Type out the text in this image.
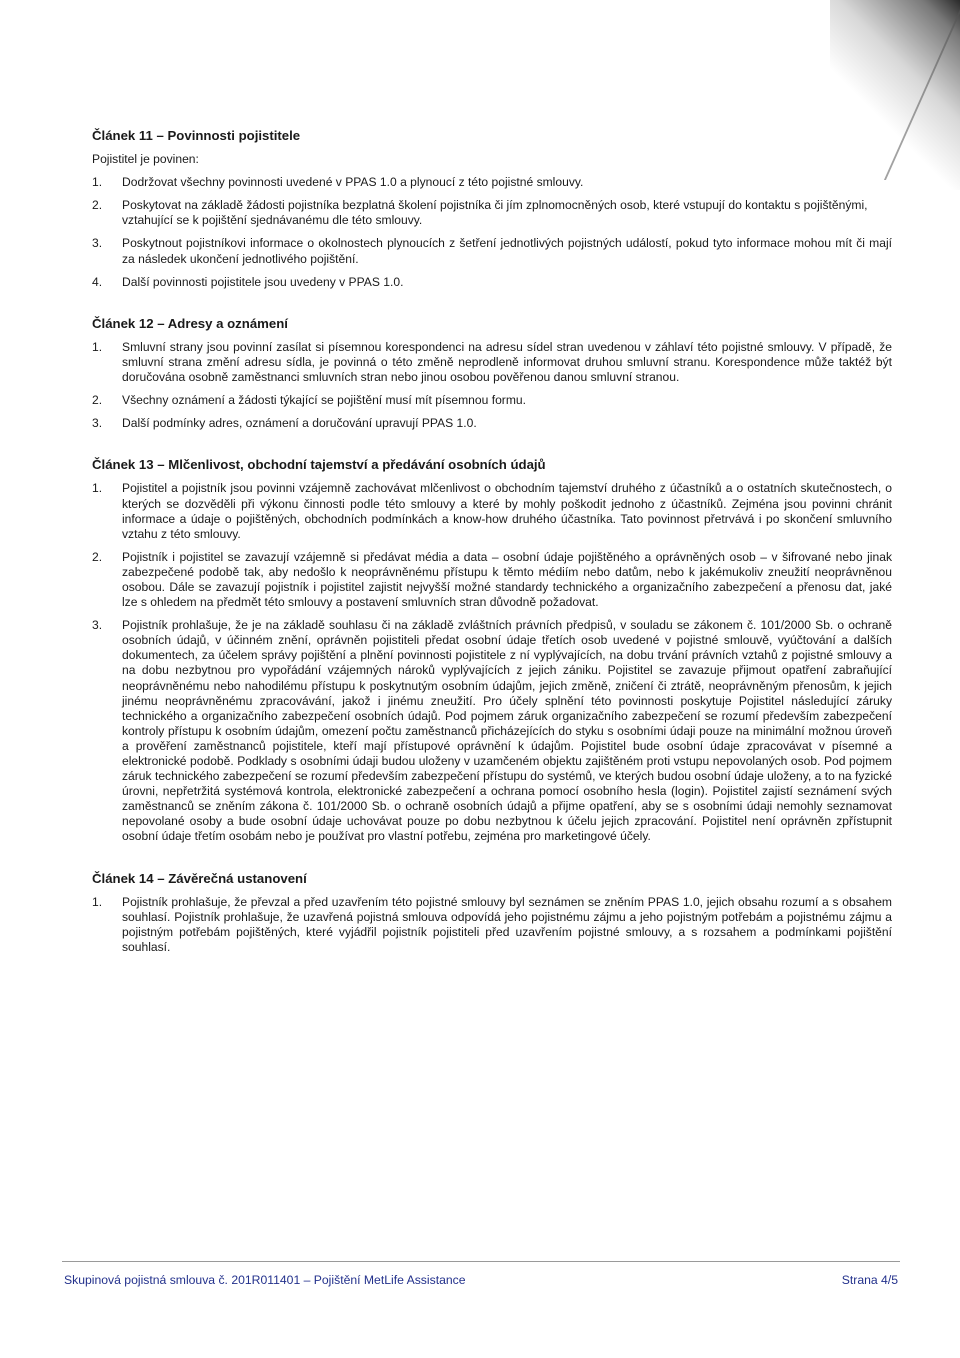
Článek 11 – Povinnosti pojistitele
Pojistitel je povinen:
1.	Dodržovat všechny povinnosti uvedené v PPAS 1.0 a plynoucí z této pojistné smlouvy.
2.	Poskytovat na základě žádosti pojistníka bezplatná školení pojistníka či jím zplnomocněných osob, které vstupují do kontaktu s pojištěnými, vztahující se k pojištění sjednávanému dle této smlouvy.
3.	Poskytnout pojistníkovi informace o okolnostech plynoucích z šetření jednotlivých pojistných událostí, pokud tyto informace mohou mít či mají za následek ukončení jednotlivého pojištění.
4.	Další povinnosti pojistitele jsou uvedeny v PPAS 1.0.
Článek 12 – Adresy a oznámení
1.	Smluvní strany jsou povinní zasílat si písemnou korespondenci na adresu sídel stran uvedenou v záhlaví této pojistné smlouvy. V případě, že smluvní strana změní adresu sídla, je povinná o této změně neprodleně informovat druhou smluvní stranu. Korespondence může taktéž být doručována osobně zaměstnanci smluvních stran nebo jinou osobou pověřenou danou smluvní stranou.
2.	Všechny oznámení a žádosti týkající se pojištění musí mít písemnou formu.
3.	Další podmínky adres, oznámení a doručování upravují PPAS 1.0.
Článek 13 – Mlčenlivost, obchodní tajemství a předávání osobních údajů
1.	Pojistitel a pojistník jsou povinni vzájemně zachovávat mlčenlivost o obchodním tajemství druhého z účastníků a o ostatních skutečnostech, o kterých se dozvěděli při výkonu činnosti podle této smlouvy a které by mohly poškodit jednoho z účastníků. Zejména jsou povinni chránit informace a údaje o pojištěných, obchodních podmínkách a know-how druhého účastníka. Tato povinnost přetrvává i po skončení smluvního vztahu z této smlouvy.
2.	Pojistník i pojistitel se zavazují vzájemně si předávat média a data – osobní údaje pojištěného a oprávněných osob – v šifrované nebo jinak zabezpečené podobě tak, aby nedošlo k neoprávněnému přístupu k těmto médiím nebo datům, nebo k jakémukoliv zneužití neoprávněnou osobou. Dále se zavazují pojistník i pojistitel zajistit nejvyšší možné standardy technického a organizačního zabezpečení a přenosu dat, jaké lze s ohledem na předmět této smlouvy a postavení smluvních stran důvodně požadovat.
3.	Pojistník prohlašuje, že je na základě souhlasu či na základě zvláštních právních předpisů, v souladu se zákonem č. 101/2000 Sb. o ochraně osobních údajů, v účinném znění, oprávněn pojistiteli předat osobní údaje třetích osob uvedené v pojistné smlouvě, vyúčtování a dalších dokumentech, za účelem správy pojištění a plnění povinnosti pojistitele z ní vyplývajících, na dobu trvání právních vztahů z pojistné smlouvy a na dobu nezbytnou pro vypořádání vzájemných nároků vyplývajících z jejich zániku. Pojistitel se zavazuje přijmout opatření zabraňující neoprávněnému nebo nahodilému přístupu k poskytnutým osobním údajům, jejich změně, zničení či ztrátě, neoprávněným přenosům, k jejich jinému neoprávněnému zpracovávání, jakož i jinému zneužití. Pro účely splnění této povinnosti poskytuje Pojistitel následující záruky technického a organizačního zabezpečení osobních údajů. Pod pojmem záruk organizačního zabezpečení se rozumí především zabezpečení kontroly přístupu k osobním údajům, omezení počtu zaměstnanců přicházejících do styku s osobními údaji pouze na minimální možnou úroveň a prověření zaměstnanců pojistitele, kteří mají přístupové oprávnění k údajům. Pojistitel bude osobní údaje zpracovávat v písemné a elektronické podobě. Podklady s osobními údaji budou uloženy v uzamčeném objektu zajištěném proti vstupu nepovolaných osob. Pod pojmem záruk technického zabezpečení se rozumí především zabezpečení přístupu do systémů, ve kterých budou osobní údaje uloženy, a to na fyzické úrovni, nepřetržitá systémová kontrola, elektronické zabezpečení a ochrana pomocí osobního hesla (login). Pojistitel zajistí seznámení svých zaměstnanců se zněním zákona č. 101/2000 Sb. o ochraně osobních údajů a přijme opatření, aby se s osobními údaji nemohly seznamovat nepovolané osoby a bude osobní údaje uchovávat pouze po dobu nezbytnou k účelu jejich zpracování. Pojistitel není oprávněn zpřístupnit osobní údaje třetím osobám nebo je používat pro vlastní potřebu, zejména pro marketingové účely.
Článek 14 – Závěrečná ustanovení
1.	Pojistník prohlašuje, že převzal a před uzavřením této pojistné smlouvy byl seznámen se zněním PPAS 1.0, jejich obsahu rozumí a s obsahem souhlasí. Pojistník prohlašuje, že uzavřená pojistná smlouva odpovídá jeho pojistnému zájmu a jeho pojistným potřebám a pojistnému zájmu a pojistným potřebám pojištěných, které vyjádřil pojistník pojistiteli před uzavřením pojistné smlouvy, a s rozsahem a podmínkami pojištění souhlasí.
Skupinová pojistná smlouva č. 201R011401 – Pojištění MetLife Assistance	Strana 4/5
